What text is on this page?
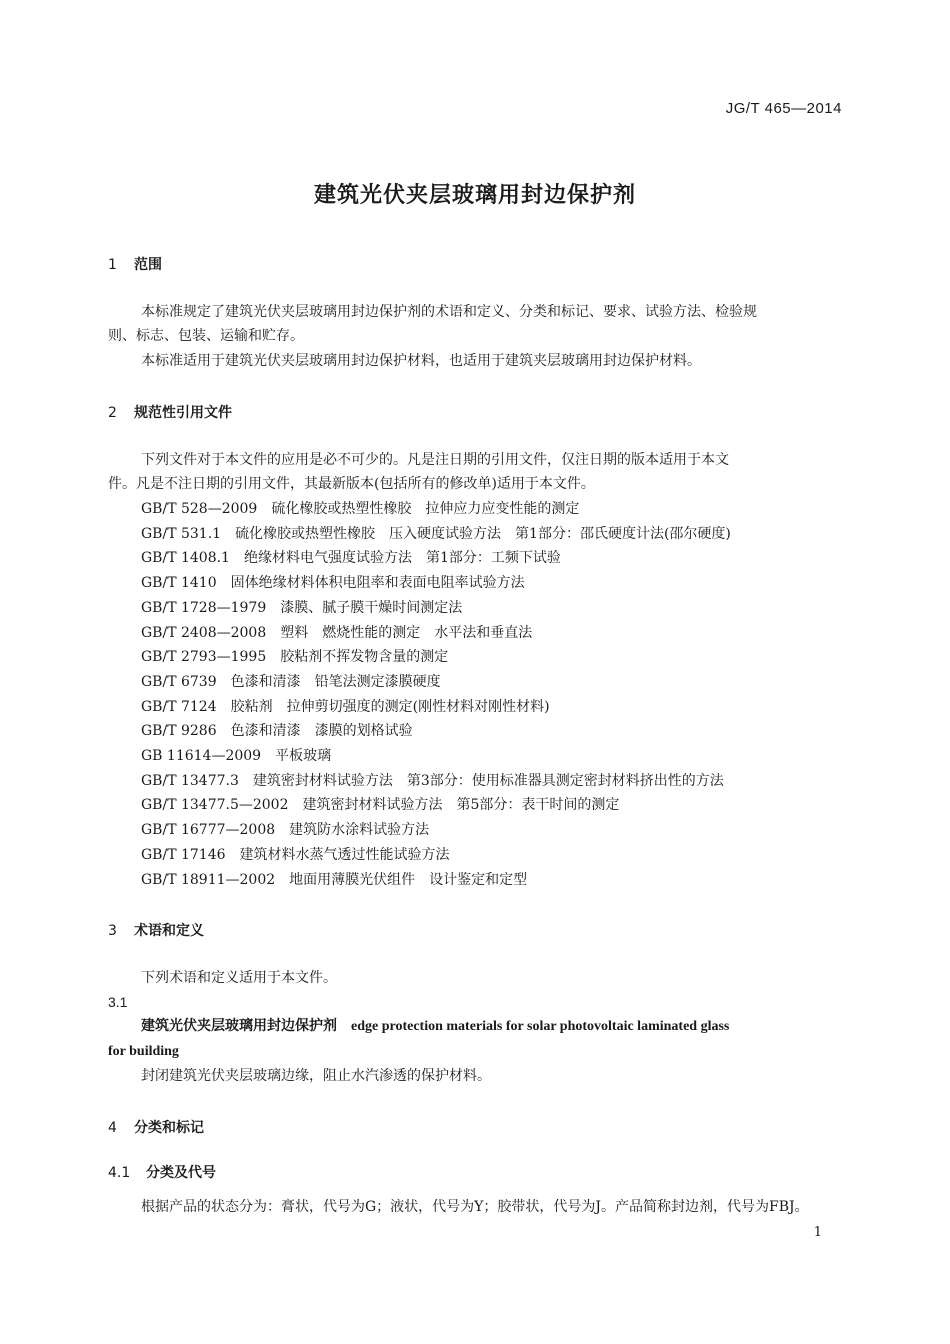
JG/T 465—2014
建筑光伏夹层玻璃用封边保护剂
1 范围
本标准规定了建筑光伏夹层玻璃用封边保护剂的术语和定义、分类和标记、要求、试验方法、检验规
则、标志、包装、运输和贮存。
本标准适用于建筑光伏夹层玻璃用封边保护材料，也适用于建筑夹层玻璃用封边保护材料。
2 规范性引用文件
下列文件对于本文件的应用是必不可少的。凡是注日期的引用文件，仅注日期的版本适用于本文
件。凡是不注日期的引用文件，其最新版本(包括所有的修改单)适用于本文件。
GB/T 528—2009 硫化橡胶或热塑性橡胶　拉伸应力应变性能的测定
GB/T 531.1 硫化橡胶或热塑性橡胶　压入硬度试验方法　第1部分：邵氏硬度计法(邵尔硬度)
GB/T 1408.1 绝缘材料电气强度试验方法　第1部分：工频下试验
GB/T 1410 固体绝缘材料体积电阻率和表面电阻率试验方法
GB/T 1728—1979 漆膜、腻子膜干燥时间测定法
GB/T 2408—2008 塑料　燃烧性能的测定　水平法和垂直法
GB/T 2793—1995 胶粘剂不挥发物含量的测定
GB/T 6739 色漆和清漆　铅笔法测定漆膜硬度
GB/T 7124 胶粘剂　拉伸剪切强度的测定(刚性材料对刚性材料)
GB/T 9286 色漆和清漆　漆膜的划格试验
GB 11614—2009 平板玻璃
GB/T 13477.3 建筑密封材料试验方法　第3部分：使用标准器具测定密封材料挤出性的方法
GB/T 13477.5—2002 建筑密封材料试验方法　第5部分：表干时间的测定
GB/T 16777—2008 建筑防水涂料试验方法
GB/T 17146 建筑材料水蒸气透过性能试验方法
GB/T 18911—2002 地面用薄膜光伏组件　设计鉴定和定型
3 术语和定义
下列术语和定义适用于本文件。
3.1
建筑光伏夹层玻璃用封边保护剂　 edge protection materials for solar photovoltaic laminated glass
for building
封闭建筑光伏夹层玻璃边缘，阻止水汽渗透的保护材料。
4 分类和标记
4.1 分类及代号
根据产品的状态分为：膏状，代号为G；液状，代号为Y；胶带状，代号为J。产品简称封边剂，代号为FBJ。
1
